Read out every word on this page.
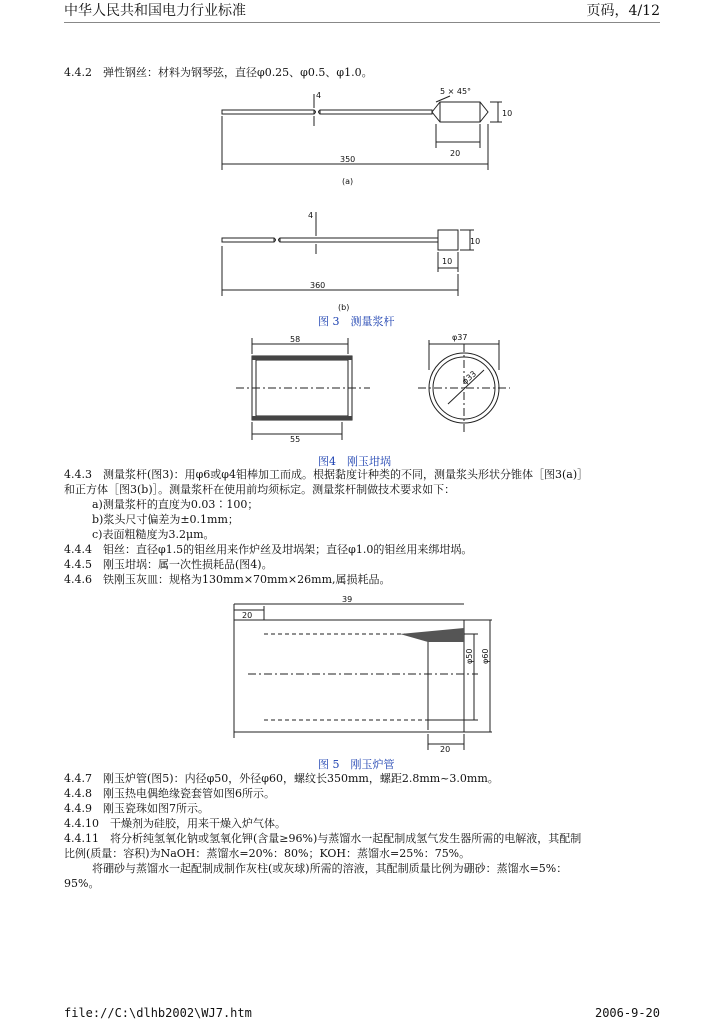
中华人民共和国电力行业标准	页码，4/12
4.4.2　弹性钢丝：材料为钢琴弦，直径φ0.25、φ0.5、φ1.0。
4	5 × 45°
10
20
350
(a)
4
10
10
360
(b)
图 3　测量浆杆
58
55
φ37
φ33
图4　刚玉坩埚
4.4.3　测量浆杆(图3)：用φ6或φ4钼棒加工而成。根据黏度计种类的不同，测量浆头形状分锥体［图3(a)］
和正方体［图3(b)］。测量浆杆在使用前均须标定。测量浆杆制做技术要求如下：
a)测量浆杆的直度为0.03∶100；
b)浆头尺寸偏差为±0.1mm；
c)表面粗糙度为3.2μm。
4.4.4　钼丝：直径φ1.5的钼丝用来作炉丝及坩埚架；直径φ1.0的钼丝用来绑坩埚。
4.4.5　刚玉坩埚：属一次性损耗品(图4)。
4.4.6　铁刚玉灰皿：规格为130mm×70mm×26mm,属损耗品。
39
20
φ50 φ60
20
图 5　刚玉炉管
4.4.7　刚玉炉管(图5)：内径φ50，外径φ60，螺纹长350mm，螺距2.8mm~3.0mm。
4.4.8　刚玉热电偶绝缘瓷套管如图6所示。
4.4.9　刚玉瓷珠如图7所示。
4.4.10　干燥剂为硅胶，用来干燥入炉气体。
4.4.11　将分析纯氢氧化钠或氢氧化钾(含量≥96%)与蒸馏水一起配制成氢气发生器所需的电解液，其配制
比例(质量：容积)为NaOH：蒸馏水=20%：80%；KOH：蒸馏水=25%：75%。
将硼砂与蒸馏水一起配制成制作灰柱(或灰球)所需的溶液，其配制质量比例为硼砂：蒸馏水=5%：
95%。
file://C:\dlhb2002\WJ7.htm	2006-9-20
